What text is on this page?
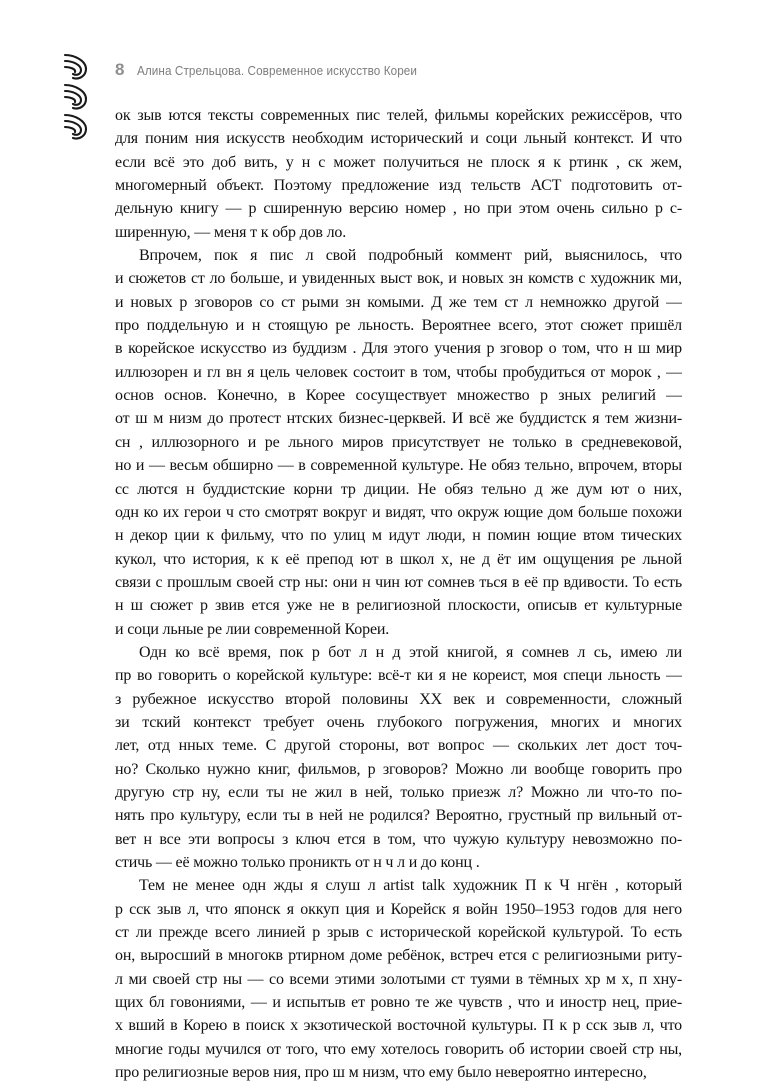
8 Алина Стрельцова. Современное искусство Кореи
ок зыв ются тексты современных пис телей, фильмы корейских режиссёров, что
для поним ния искусств необходим исторический и соци льный контекст. И что
если всё это доб вить, у н с может получиться не плоск я к ртинк , ск жем,
многомерный объект. Поэтому предложение изд тельств АСТ подготовить от-
дельную книгу — р сширенную версию номер , но при этом очень сильно р с-
ширенную, — меня т к обр дов ло.
Впрочем, пок я пис л свой подробный коммент рий, выяснилось, что
и сюжетов ст ло больше, и увиденных выст вок, и новых зн комств с художник ми,
и новых р зговоров со ст рыми зн комыми. Д же тем ст л немножко другой —
про поддельную и н стоящую ре льность. Вероятнее всего, этот сюжет пришёл
в корейское искусство из буддизм . Для этого учения р зговор о том, что н ш мир
иллюзорен и гл вн я цель человек состоит в том, чтобы пробудиться от морок , —
основ основ. Конечно, в Корее сосуществует множество р зных религий —
от ш м низм до протест нтских бизнес-церквей. И всё же буддистск я тем жизни-
сн , иллюзорного и ре льного миров присутствует не только в средневековой,
но и — весьм обширно — в современной культуре. Не обяз тельно, впрочем, вторы
сс лются н буддистские корни тр диции. Не обяз тельно д же дум ют о них,
одн ко их герои ч сто смотрят вокруг и видят, что окруж ющие дом больше похожи
н декор ции к фильму, что по улиц м идут люди, н помин ющие втом тических
кукол, что история, к к её препод ют в школ х, не д ёт им ощущения ре льной
связи с прошлым своей стр ны: они н чин ют сомнев ться в её пр вдивости. То есть
н ш сюжет р звив ется уже не в религиозной плоскости, описыв ет культурные
и соци льные ре лии современной Кореи.
Одн ко всё время, пок р бот л н д этой книгой, я сомнев л сь, имею ли
пр во говорить о корейской культуре: всё-т ки я не кореист, моя специ льность —
з рубежное искусство второй половины XX век и современности, сложный
зи тский контекст требует очень глубокого погружения, многих и многих
лет, отд нных теме. С другой стороны, вот вопрос — скольких лет дост точ-
но? Сколько нужно книг, фильмов, р зговоров? Можно ли вообще говорить про
другую стр ну, если ты не жил в ней, только приезж л? Можно ли что-то по-
нять про культуру, если ты в ней не родился? Вероятно, грустный пр вильный от-
вет н все эти вопросы з ключ ется в том, что чужую культуру невозможно по-
стичь — её можно только проникть от н ч л и до конц .
Тем не менее одн жды я слуш л artist talk художник П к Ч нгён , который
р сск зыв л, что японск я оккуп ция и Корейск я войн 1950–1953 годов для него
ст ли прежде всего линией р зрыв с исторической корейской культурой. То есть
он, выросший в многокв ртирном доме ребёнок, встреч ется с религиозными риту-
л ми своей стр ны — со всеми этими золотыми ст туями в тёмных хр м х, п хну-
щих бл говониями, — и испытыв ет ровно те же чувств , что и иностр нец, прие-
х вший в Корею в поиск х экзотической восточной культуры. П к р сск зыв л, что
многие годы мучился от того, что ему хотелось говорить об истории своей стр ны,
про религиозные веров ния, про ш м низм, что ему было невероятно интересно,
